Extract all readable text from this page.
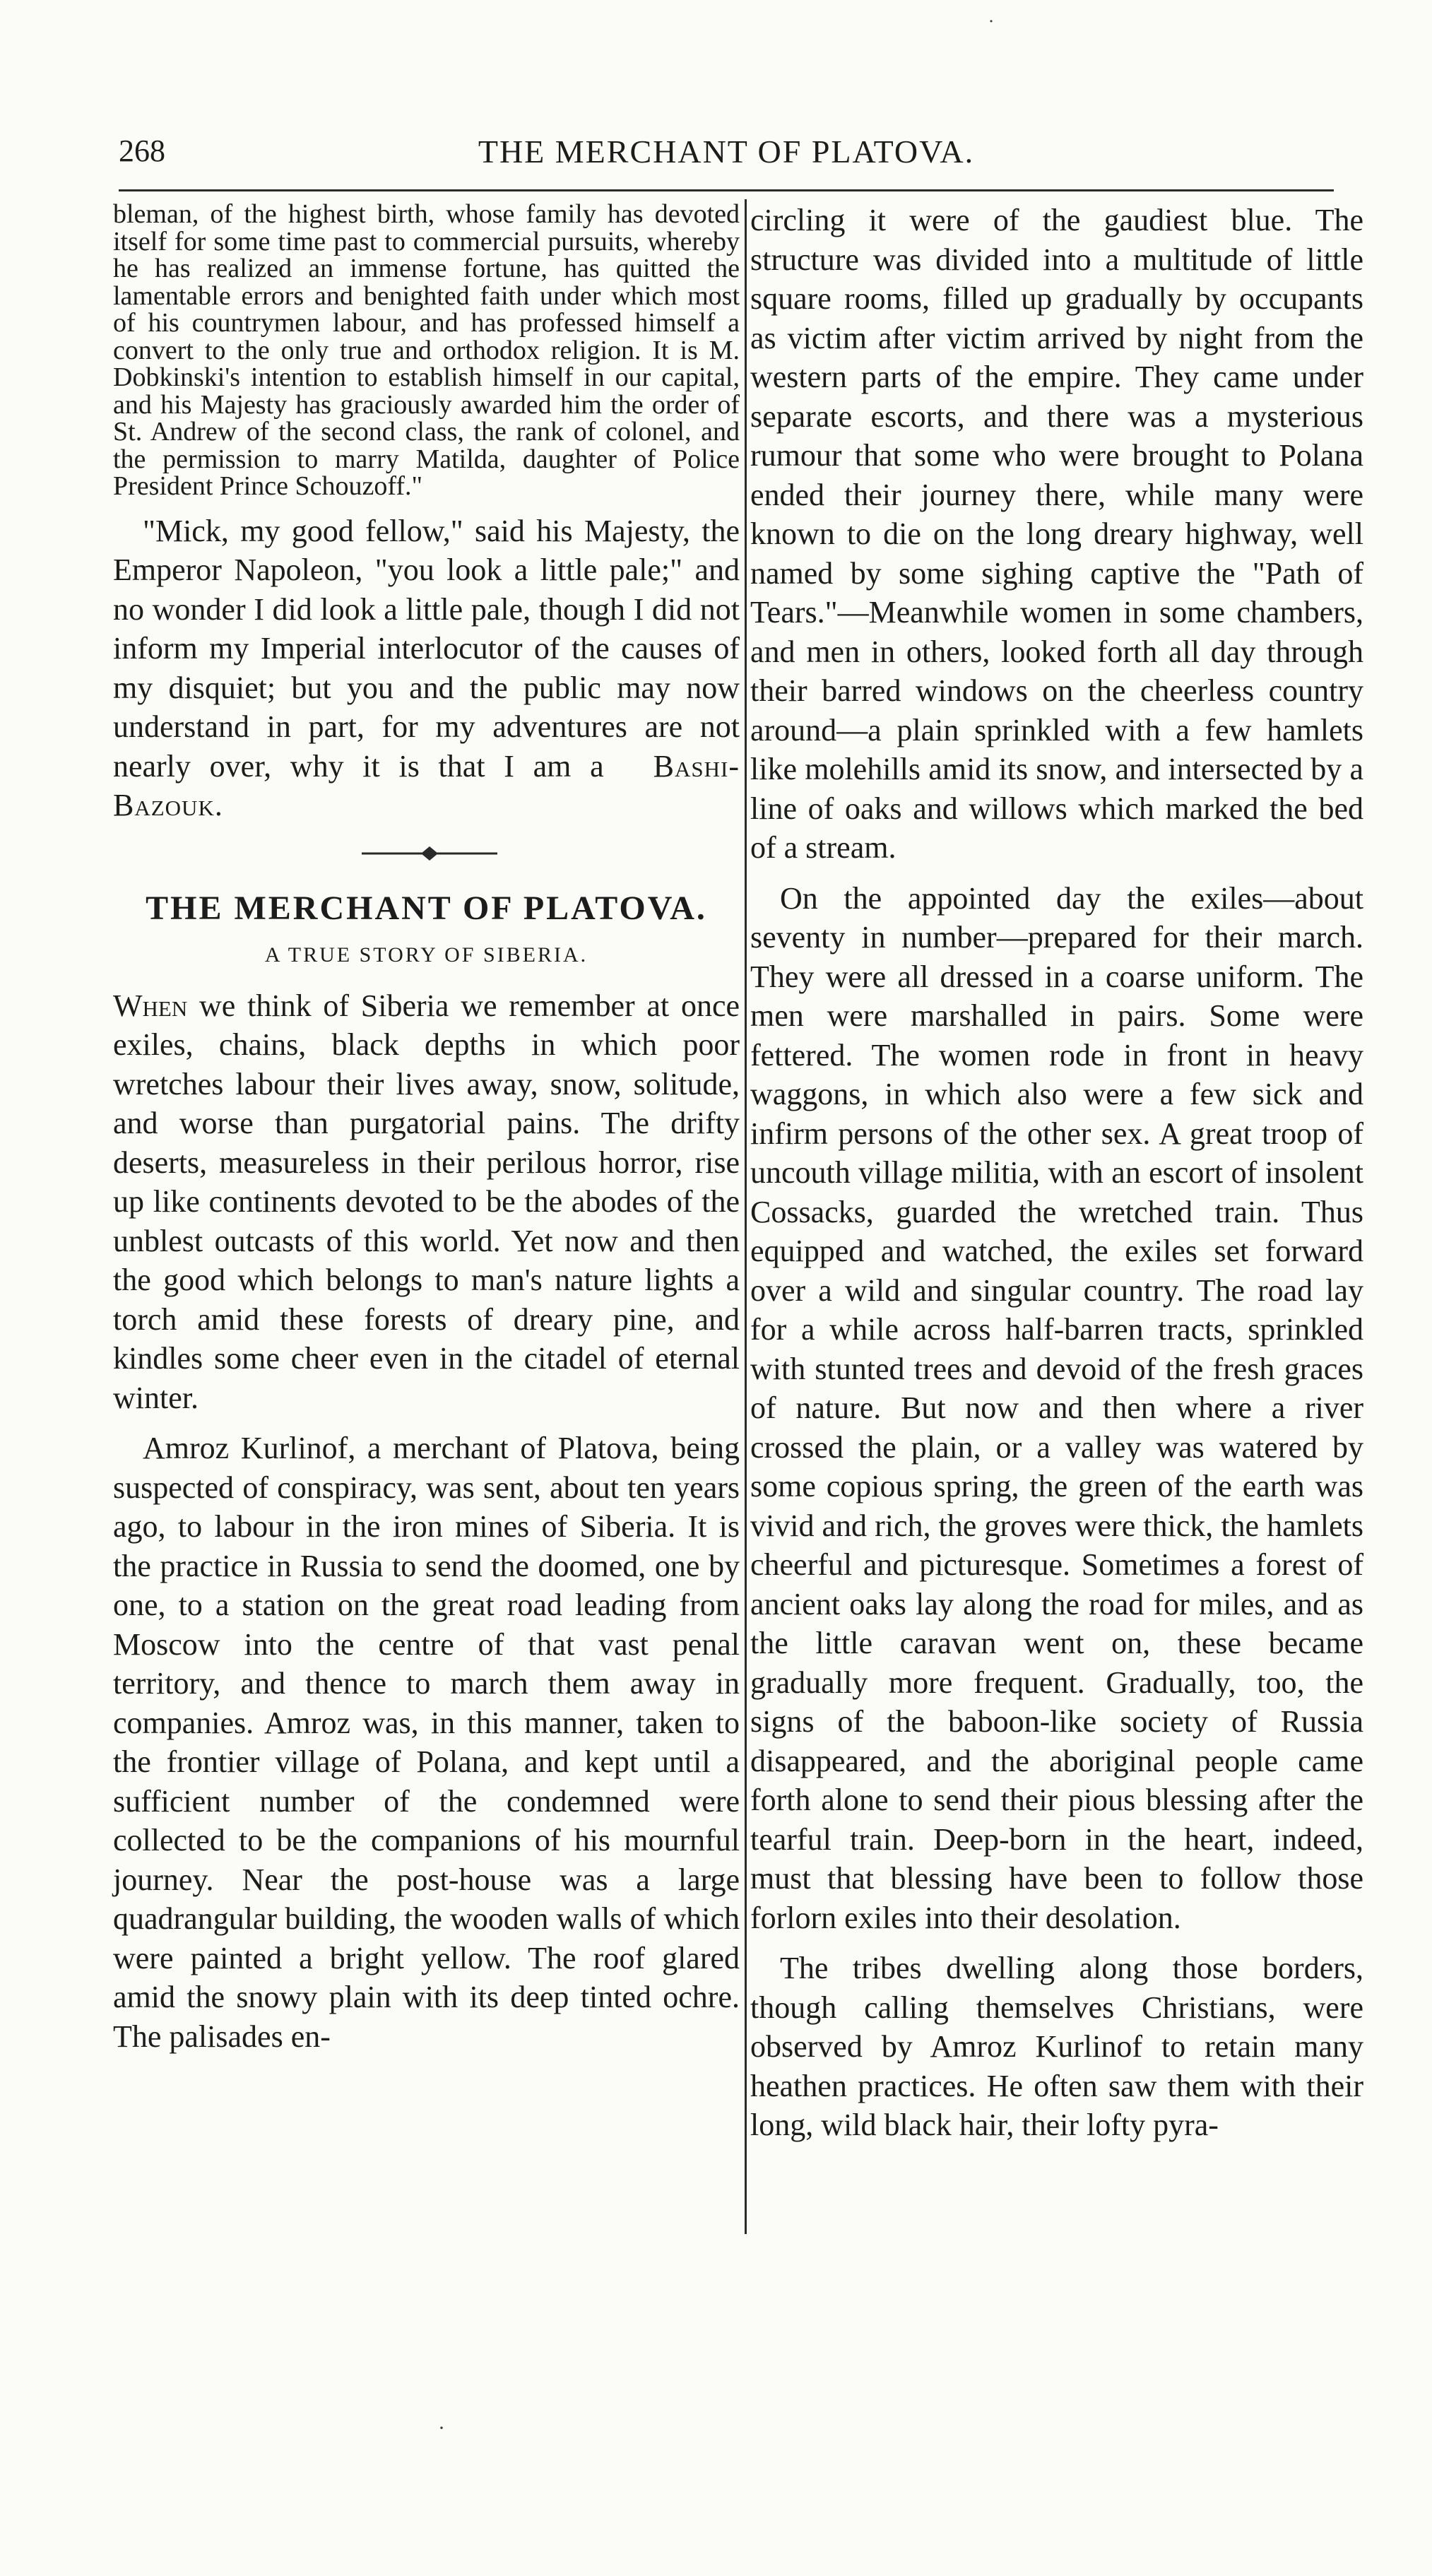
268	THE MERCHANT OF PLATOVA.

bleman, of the highest birth, whose family has devoted itself for some time past to commercial pursuits, whereby he has realized an immense fortune, has quitted the lamentable errors and benighted faith under which most of his countrymen labour, and has professed himself a convert to the only true and orthodox religion. It is M. Dobkinski's intention to establish himself in our capital, and his Majesty has graciously awarded him the order of St. Andrew of the second class, the rank of colonel, and the permission to marry Matilda, daughter of Police President Prince Schouzoff."

"Mick, my good fellow," said his Majesty, the Emperor Napoleon, "you look a little pale;" and no wonder I did look a little pale, though I did not inform my Imperial interlocutor of the causes of my disquiet; but you and the public may now understand in part, for my adventures are not nearly over, why it is that I am a Bashi-Bazouk.

THE MERCHANT OF PLATOVA.
A TRUE STORY OF SIBERIA.

When we think of Siberia we remember at once exiles, chains, black depths in which poor wretches labour their lives away, snow, solitude, and worse than purgatorial pains. The drifty deserts, measureless in their perilous horror, rise up like continents devoted to be the abodes of the unblest outcasts of this world. Yet now and then the good which belongs to man's nature lights a torch amid these forests of dreary pine, and kindles some cheer even in the citadel of eternal winter.

Amroz Kurlinof, a merchant of Platova, being suspected of conspiracy, was sent, about ten years ago, to labour in the iron mines of Siberia. It is the practice in Russia to send the doomed, one by one, to a station on the great road leading from Moscow into the centre of that vast penal territory, and thence to march them away in companies. Amroz was, in this manner, taken to the frontier village of Polana, and kept until a sufficient number of the condemned were collected to be the companions of his mournful journey. Near the post-house was a large quadrangular building, the wooden walls of which were painted a bright yellow. The roof glared amid the snowy plain with its deep tinted ochre. The palisades en-

circling it were of the gaudiest blue. The structure was divided into a multitude of little square rooms, filled up gradually by occupants as victim after victim arrived by night from the western parts of the empire. They came under separate escorts, and there was a mysterious rumour that some who were brought to Polana ended their journey there, while many were known to die on the long dreary highway, well named by some sighing captive the "Path of Tears."—Meanwhile women in some chambers, and men in others, looked forth all day through their barred windows on the cheerless country around—a plain sprinkled with a few hamlets like molehills amid its snow, and intersected by a line of oaks and willows which marked the bed of a stream.

On the appointed day the exiles—about seventy in number—prepared for their march. They were all dressed in a coarse uniform. The men were marshalled in pairs. Some were fettered. The women rode in front in heavy waggons, in which also were a few sick and infirm persons of the other sex. A great troop of uncouth village militia, with an escort of insolent Cossacks, guarded the wretched train. Thus equipped and watched, the exiles set forward over a wild and singular country. The road lay for a while across half-barren tracts, sprinkled with stunted trees and devoid of the fresh graces of nature. But now and then where a river crossed the plain, or a valley was watered by some copious spring, the green of the earth was vivid and rich, the groves were thick, the hamlets cheerful and picturesque. Sometimes a forest of ancient oaks lay along the road for miles, and as the little caravan went on, these became gradually more frequent. Gradually, too, the signs of the baboon-like society of Russia disappeared, and the aboriginal people came forth alone to send their pious blessing after the tearful train. Deep-born in the heart, indeed, must that blessing have been to follow those forlorn exiles into their desolation.

The tribes dwelling along those borders, though calling themselves Christians, were observed by Amroz Kurlinof to retain many heathen practices. He often saw them with their long, wild black hair, their lofty pyra-

˙
·
